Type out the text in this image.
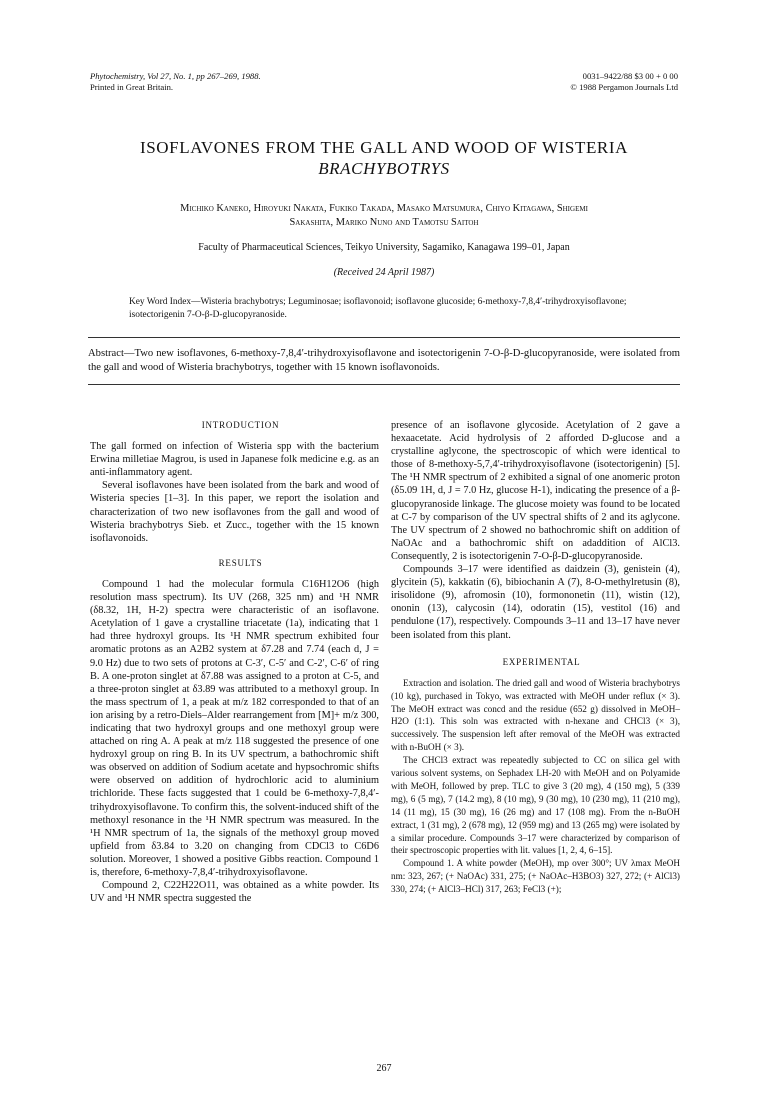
Phytochemistry, Vol 27, No. 1, pp 267–269, 1988.
Printed in Great Britain.
0031–9422/88 $3 00 + 0 00
© 1988 Pergamon Journals Ltd
ISOFLAVONES FROM THE GALL AND WOOD OF WISTERIA
BRACHYBOTRYS
Michiko Kaneko, Hiroyuki Nakata, Fukiko Takada, Masako Matsumura, Chiyo Kitagawa, Shigemi
Sakashita, Mariko Nuno and Tamotsu Saitoh
Faculty of Pharmaceutical Sciences, Teikyo University, Sagamiko, Kanagawa 199–01, Japan
(Received 24 April 1987)
Key Word Index—Wisteria brachybotrys; Leguminosae; isoflavonoid; isoflavone glucoside; 6-methoxy-7,8,4′-trihydroxyisoflavone; isotectorigenin 7-O-β-D-glucopyranoside.
Abstract—Two new isoflavones, 6-methoxy-7,8,4′-trihydroxyisoflavone and isotectorigenin 7-O-β-D-glucopyranoside, were isolated from the gall and wood of Wisteria brachybotrys, together with 15 known isoflavonoids.

INTRODUCTION

The gall formed on infection of Wisteria spp with the bacterium Erwina milletiae Magrou, is used in Japanese folk medicine e.g. as an anti-inflammatory agent.

Several isoflavones have been isolated from the bark and wood of Wisteria species [1–3]. In this paper, we report the isolation and characterization of two new isoflavones from the gall and wood of Wisteria brachybotrys Sieb. et Zucc., together with the 15 known isoflavonoids.

RESULTS

Compound 1 had the molecular formula C16H12O6 (high resolution mass spectrum). Its UV (268, 325 nm) and ¹H NMR (δ8.32, 1H, H-2) spectra were characteristic of an isoflavone. Acetylation of 1 gave a crystalline triacetate (1a), indicating that 1 had three hydroxyl groups. Its ¹H NMR spectrum exhibited four aromatic protons as an A2B2 system at δ7.28 and 7.74 (each d, J = 9.0 Hz) due to two sets of protons at C-3′, C-5′ and C-2′, C-6′ of ring B. A one-proton singlet at δ7.88 was assigned to a proton at C-5, and a three-proton singlet at δ3.89 was attributed to a methoxyl group. In the mass spectrum of 1, a peak at m/z 182 corresponded to that of an ion arising by a retro-Diels–Alder rearrangement from [M]+ m/z 300, indicating that two hydroxyl groups and one methoxyl group were attached on ring A. A peak at m/z 118 suggested the presence of one hydroxyl group on ring B. In its UV spectrum, a bathochromic shift was observed on addition of Sodium acetate and hypsochromic shifts were observed on addition of hydrochloric acid to aluminium trichloride. These facts suggested that 1 could be 6-methoxy-7,8,4′-trihydroxyisoflavone. To confirm this, the solvent-induced shift of the methoxyl resonance in the ¹H NMR spectrum was measured. In the ¹H NMR spectrum of 1a, the signals of the methoxyl group moved upfield from δ3.84 to 3.20 on changing from CDCl3 to C6D6 solution. Moreover, 1 showed a positive Gibbs reaction. Compound 1 is, therefore, 6-methoxy-7,8,4′-trihydroxyisoflavone.

Compound 2, C22H22O11, was obtained as a white powder. Its UV and ¹H NMR spectra suggested the

presence of an isoflavone glycoside. Acetylation of 2 gave a hexaacetate. Acid hydrolysis of 2 afforded D-glucose and a crystalline aglycone, the spectroscopic of which were identical to those of 8-methoxy-5,7,4′-trihydroxyisoflavone (isotectorigenin) [5]. The ¹H NMR spectrum of 2 exhibited a signal of one anomeric proton (δ5.09 1H, d, J = 7.0 Hz, glucose H-1), indicating the presence of a β-glucopyranoside linkage. The glucose moiety was found to be located at C-7 by comparison of the UV spectral shifts of 2 and its aglycone. The UV spectrum of 2 showed no bathochromic shift on addition of NaOAc and a bathochromic shift on adaddition of AlCl3. Consequently, 2 is isotectorigenin 7-O-β-D-glucopyranoside.

Compounds 3–17 were identified as daidzein (3), genistein (4), glycitein (5), kakkatin (6), bibiochanin A (7), 8-O-methylretusin (8), irisolidone (9), afromosin (10), formononetin (11), wistin (12), ononin (13), calycosin (14), odoratin (15), vestitol (16) and pendulone (17), respectively. Compounds 3–11 and 13–17 have never been isolated from this plant.

EXPERIMENTAL

Extraction and isolation. The dried gall and wood of Wisteria brachybotrys (10 kg), purchased in Tokyo, was extracted with MeOH under reflux (× 3). The MeOH extract was concd and the residue (652 g) dissolved in MeOH–H2O (1:1). This soln was extracted with n-hexane and CHCl3 (× 3), successively. The suspension left after removal of the MeOH was extracted with n-BuOH (× 3).

The CHCl3 extract was repeatedly subjected to CC on silica gel with various solvent systems, on Sephadex LH-20 with MeOH and on Polyamide with MeOH, followed by prep. TLC to give 3 (20 mg), 4 (150 mg), 5 (339 mg), 6 (5 mg), 7 (14.2 mg), 8 (10 mg), 9 (30 mg), 10 (230 mg), 11 (210 mg), 14 (11 mg), 15 (30 mg), 16 (26 mg) and 17 (108 mg). From the n-BuOH extract, 1 (31 mg), 2 (678 mg), 12 (959 mg) and 13 (265 mg) were isolated by a similar procedure. Compounds 3–17 were characterized by comparison of their spectroscopic properties with lit. values [1, 2, 4, 6–15].

Compound 1. A white powder (MeOH), mp over 300°; UV λmax MeOH nm: 323, 267; (+ NaOAc) 331, 275; (+ NaOAc–H3BO3) 327, 272; (+ AlCl3) 330, 274; (+ AlCl3–HCl) 317, 263; FeCl3 (+);

267
